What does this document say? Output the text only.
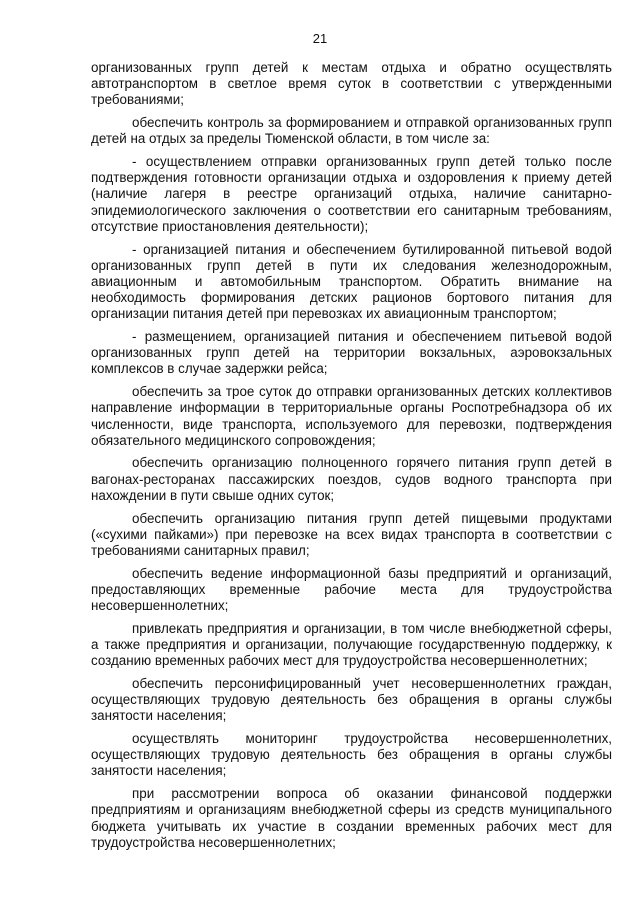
21

организованных групп детей к местам отдыха и обратно осуществлять автотранспортом в светлое время суток в соответствии с утвержденными требованиями;

обеспечить контроль за формированием и отправкой организованных групп детей на отдых за пределы Тюменской области, в том числе за:

- осуществлением отправки организованных групп детей только после подтверждения готовности организации отдыха и оздоровления к приему детей (наличие лагеря в реестре организаций отдыха, наличие санитарно-эпидемиологического заключения о соответствии его санитарным требованиям, отсутствие приостановления деятельности);

- организацией питания и обеспечением бутилированной питьевой водой организованных групп детей в пути их следования железнодорожным, авиационным и автомобильным транспортом. Обратить внимание на необходимость формирования детских рационов бортового питания для организации питания детей при перевозках их авиационным транспортом;

- размещением, организацией питания и обеспечением питьевой водой организованных групп детей на территории вокзальных, аэровокзальных комплексов в случае задержки рейса;

обеспечить за трое суток до отправки организованных детских коллективов направление информации в территориальные органы Роспотребнадзора об их численности, виде транспорта, используемого для перевозки, подтверждения обязательного медицинского сопровождения;

обеспечить организацию полноценного горячего питания групп детей в вагонах-ресторанах пассажирских поездов, судов водного транспорта при нахождении в пути свыше одних суток;

обеспечить организацию питания групп детей пищевыми продуктами («сухими пайками») при перевозке на всех видах транспорта в соответствии с требованиями санитарных правил;

обеспечить ведение информационной базы предприятий и организаций, предоставляющих временные рабочие места для трудоустройства несовершеннолетних;

привлекать предприятия и организации, в том числе внебюджетной сферы, а также предприятия и организации, получающие государственную поддержку, к созданию временных рабочих мест для трудоустройства несовершеннолетних;

обеспечить персонифицированный учет несовершеннолетних граждан, осуществляющих трудовую деятельность без обращения в органы службы занятости населения;

осуществлять мониторинг трудоустройства несовершеннолетних, осуществляющих трудовую деятельность без обращения в органы службы занятости населения;

при рассмотрении вопроса об оказании финансовой поддержки предприятиям и организациям внебюджетной сферы из средств муниципального бюджета учитывать их участие в создании временных рабочих мест для трудоустройства несовершеннолетних;
